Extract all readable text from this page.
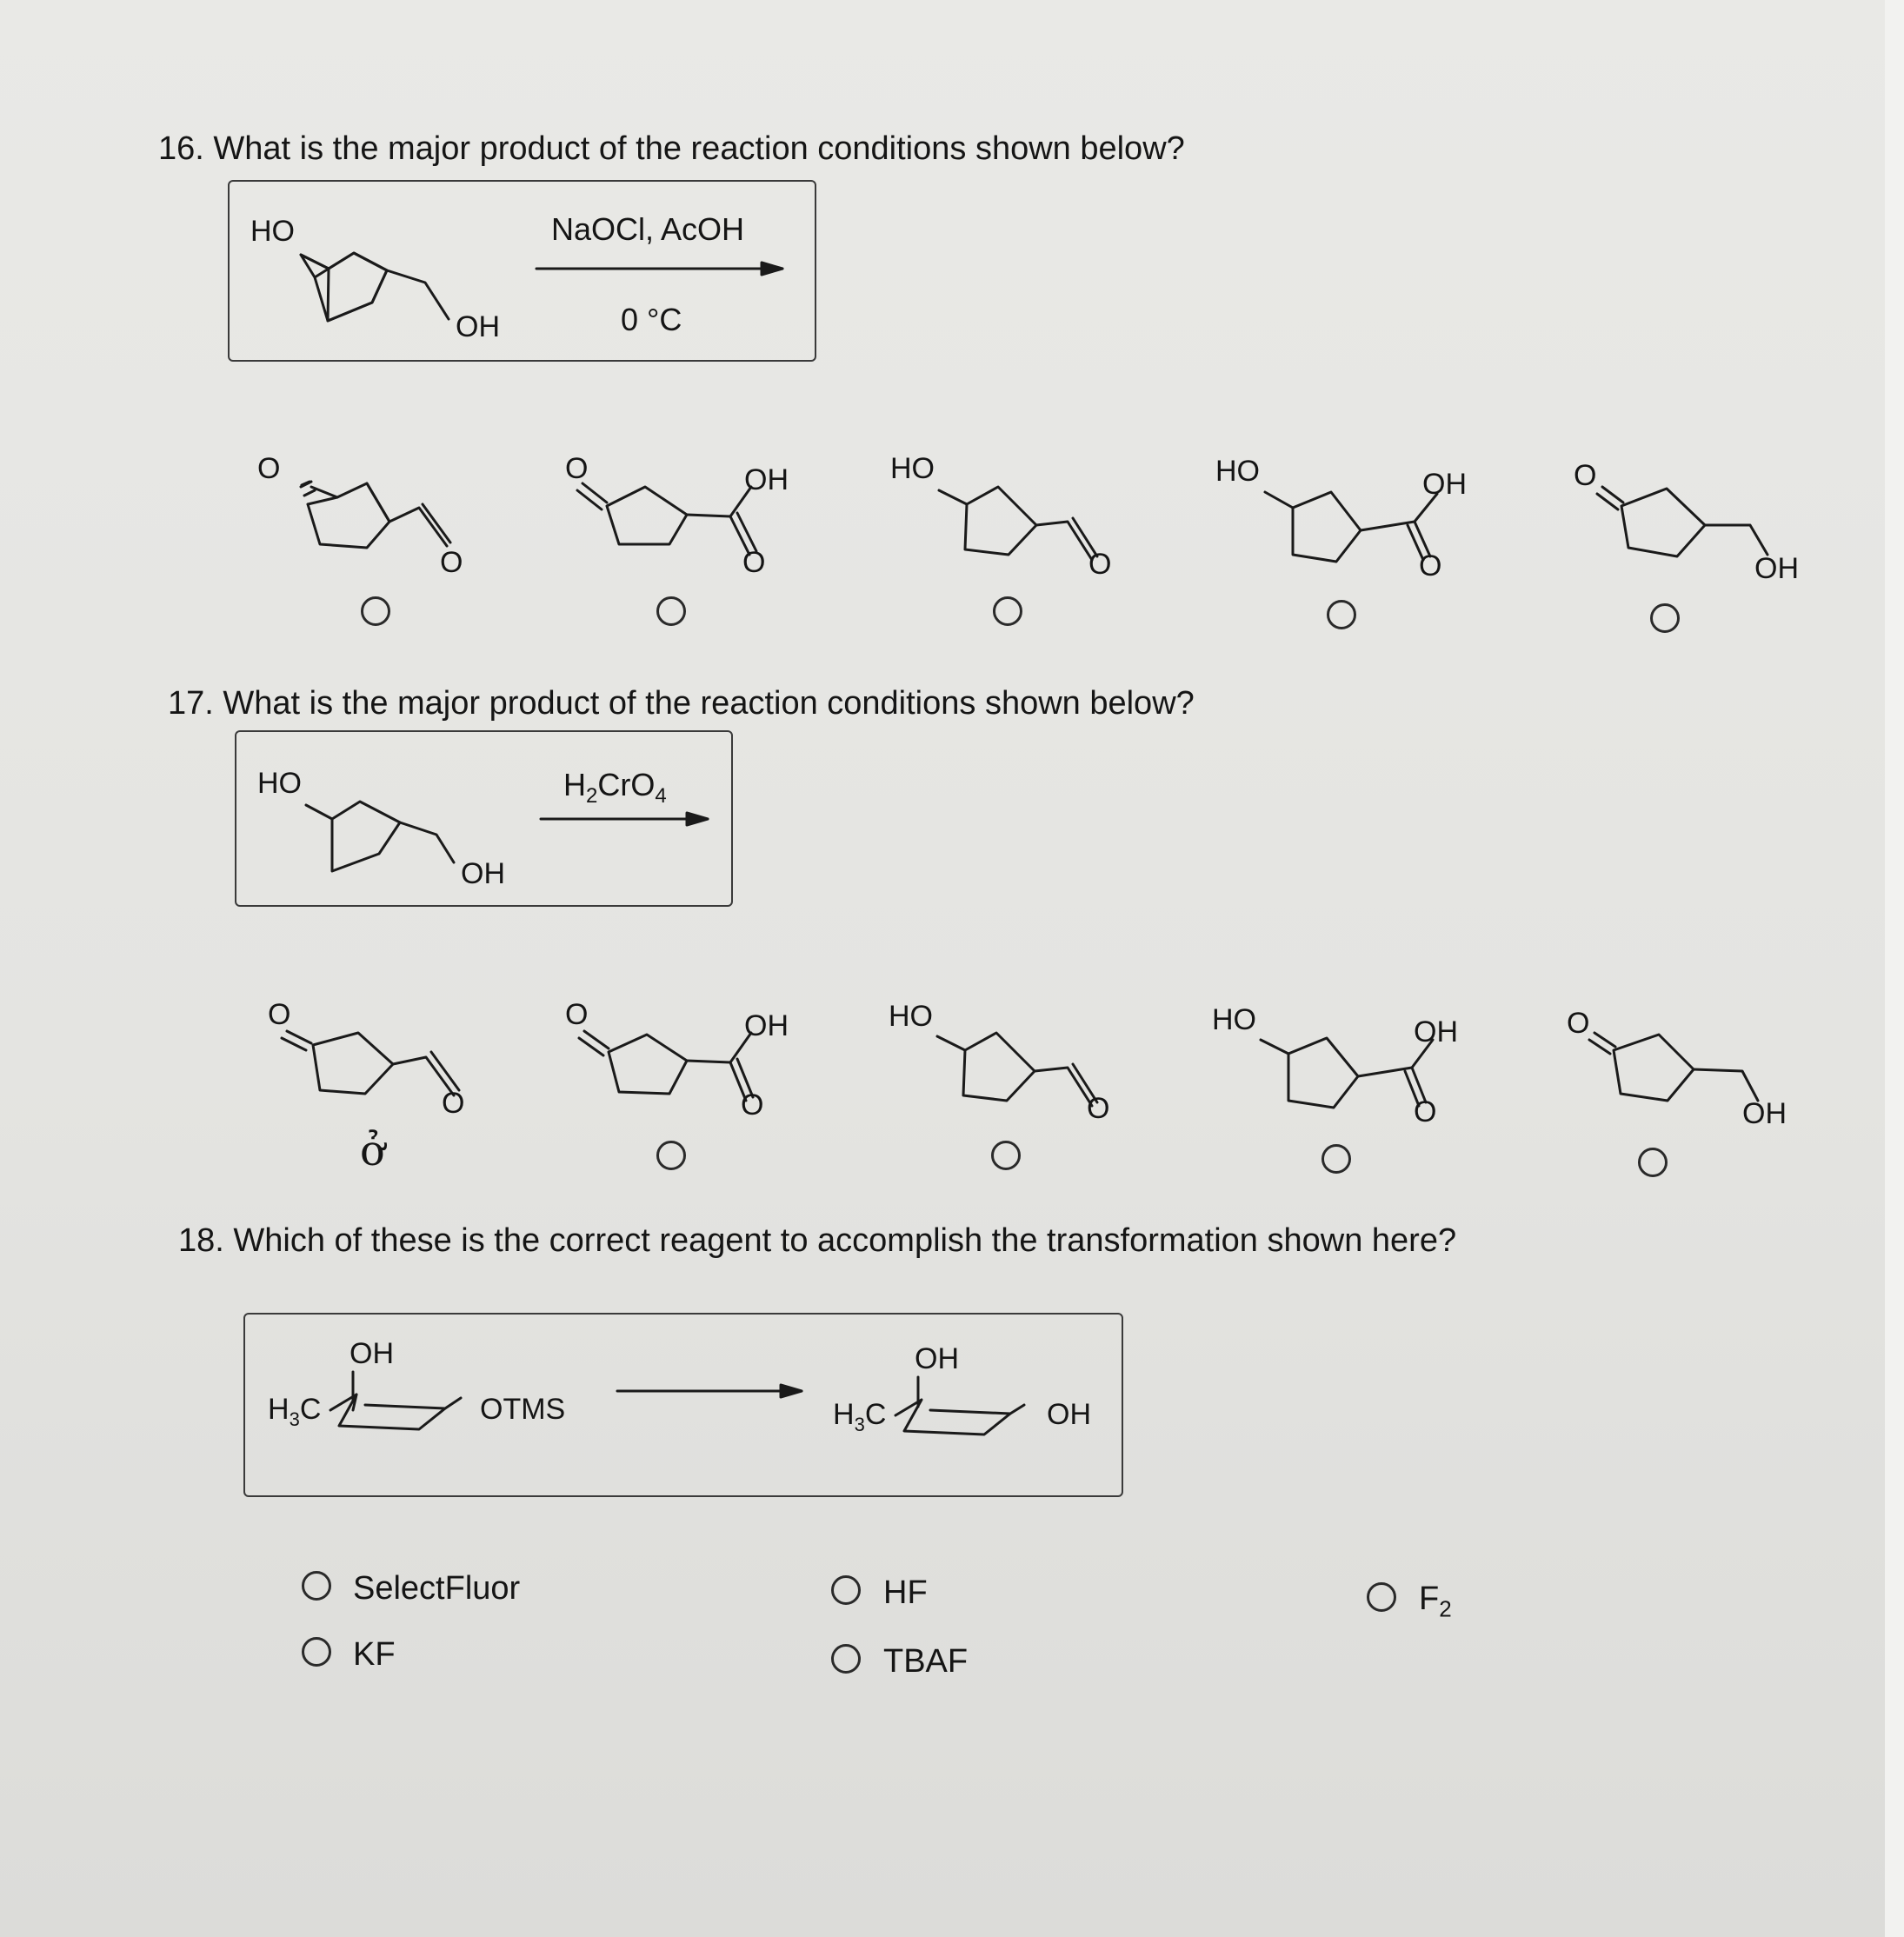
16. What is the major product of the reaction conditions shown below?
HO
OH
NaOCl, AcOH
0 °C
O
O
O	OH
O
HO
O
HO	OH
O
O
OH
17. What is the major product of the reaction conditions shown below?
HO
OH
$H_2CrO_4$
O
O
ở
O	OH
O
HO
O
HO	OH
O
O
OH
18. Which of these is the correct reagent to accomplish the transformation shown here?
OH
$H_3C$	OTMS
OH
$H_3C$	OH
SelectFluor
KF
HF
TBAF
$F_2$
